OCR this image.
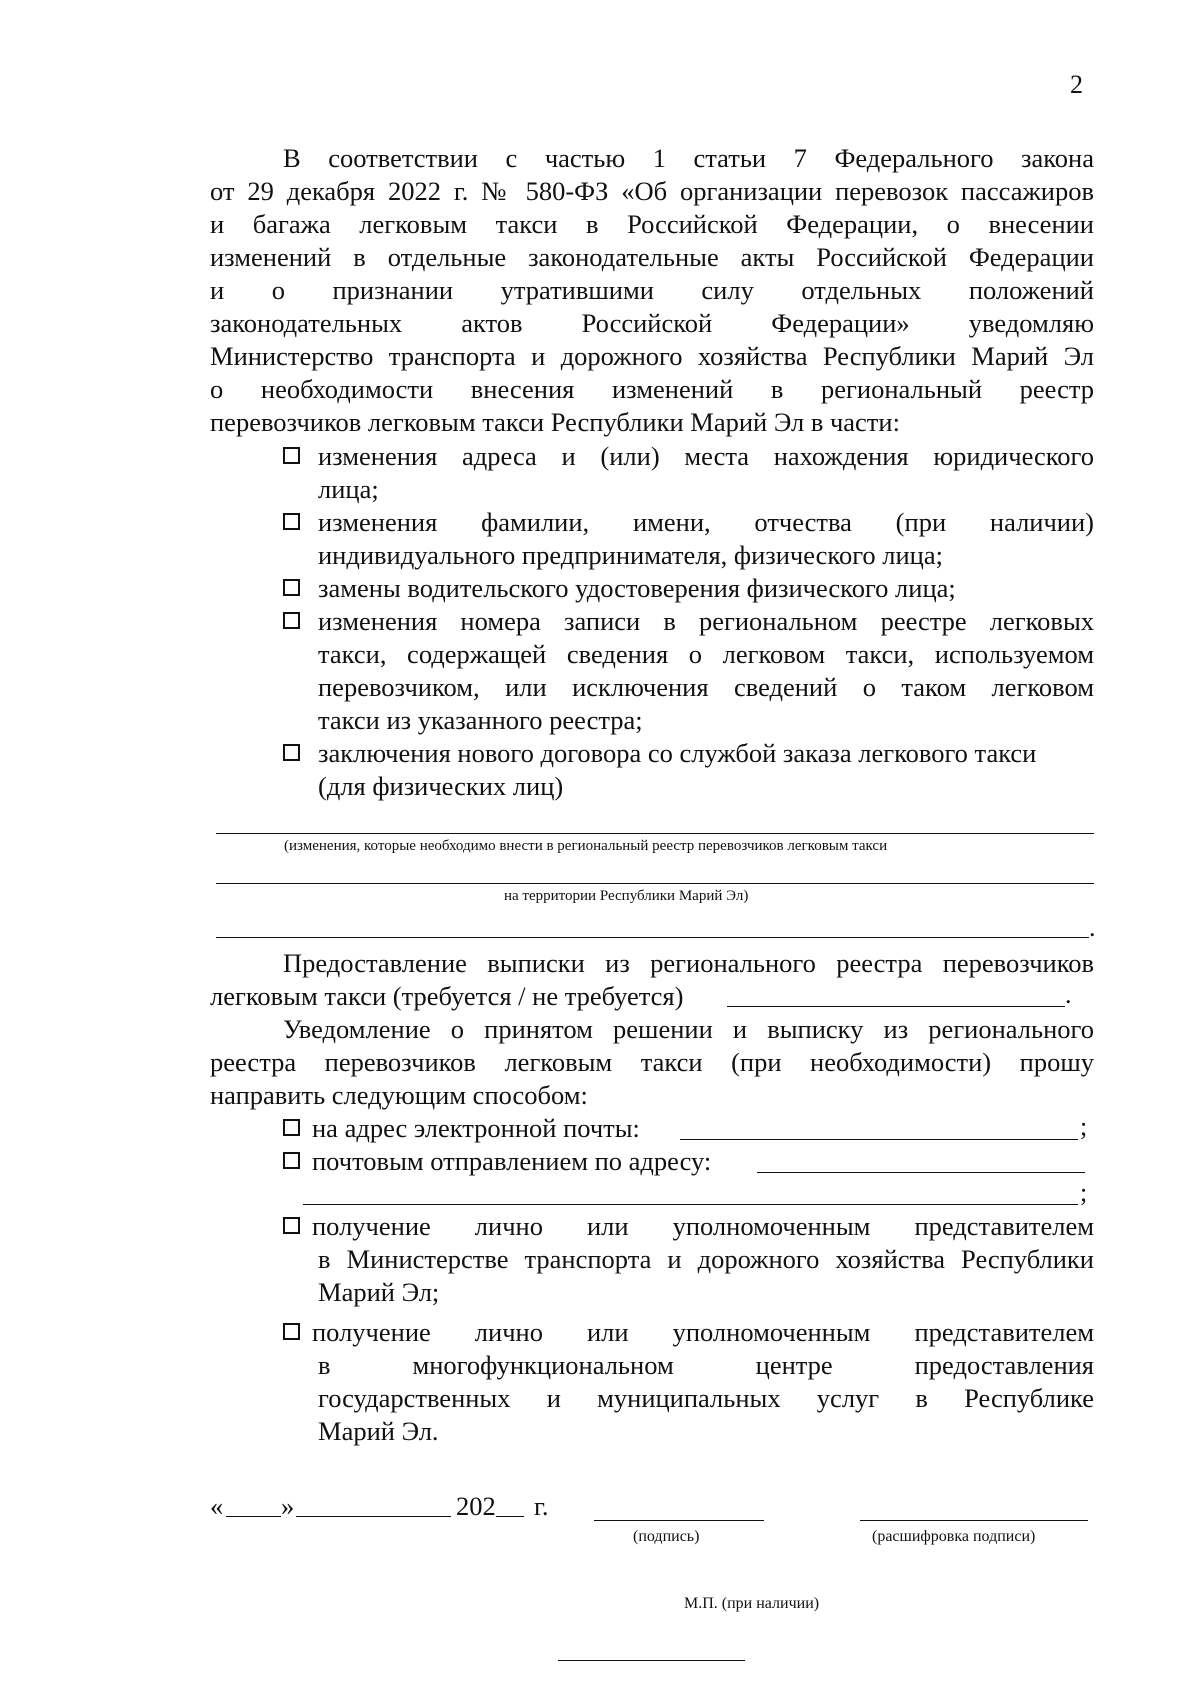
2
В соответствии с частью 1 статьи 7 Федерального закона
от 29 декабря 2022 г. № 580-ФЗ «Об организации перевозок пассажиров
и багажа легковым такси в Российской Федерации, о внесении
изменений в отдельные законодательные акты Российской Федерации
и о признании утратившими силу отдельных положений
законодательных актов Российской Федерации» уведомляю
Министерство транспорта и дорожного хозяйства Республики Марий Эл
о необходимости внесения изменений в региональный реестр
перевозчиков легковым такси Республики Марий Эл в части:
изменения адреса и (или) места нахождения юридического
лица;
изменения фамилии, имени, отчества (при наличии)
индивидуального предпринимателя, физического лица;
замены водительского удостоверения физического лица;
изменения номера записи в региональном реестре легковых
такси, содержащей сведения о легковом такси, используемом
перевозчиком, или исключения сведений о таком легковом
такси из указанного реестра;
заключения нового договора со службой заказа легкового такси
(для физических лиц)
(изменения, которые необходимо внести в региональный реестр перевозчиков легковым такси
на территории Республики Марий Эл)
.
Предоставление выписки из регионального реестра перевозчиков
легковым такси (требуется / не требуется)	.
Уведомление о принятом решении и выписку из регионального
реестра перевозчиков легковым такси (при необходимости) прошу
направить следующим способом:
на адрес электронной почты:	;
почтовым отправлением по адресу:
;
получение лично или уполномоченным представителем
в Министерстве транспорта и дорожного хозяйства Республики
Марий Эл;
получение лично или уполномоченным представителем
в многофункциональном центре предоставления
государственных и муниципальных услуг в Республике
Марий Эл.
« »	202 г.
(подпись)	(расшифровка подписи)
М.П. (при наличии)
